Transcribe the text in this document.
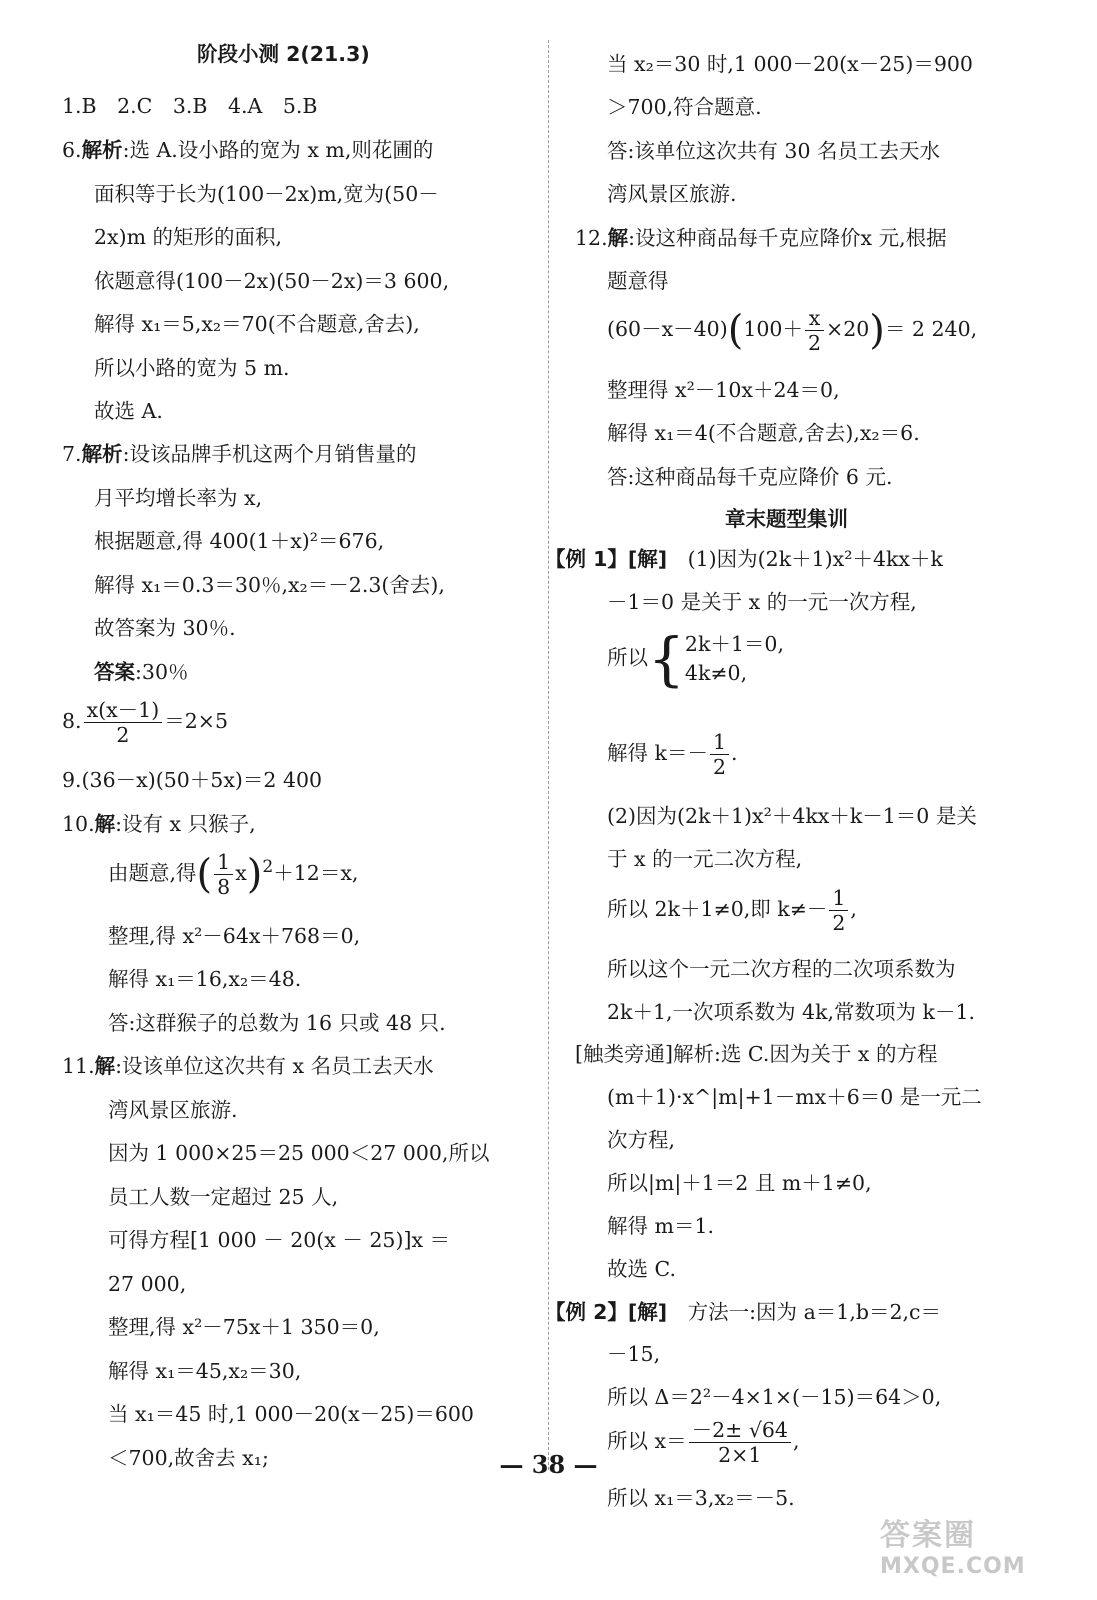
阶段小测 2(21.3)
1.B　2.C　3.B　4.A　5.B
6.解析:选 A.设小路的宽为 x m,则花圃的
面积等于长为(100－2x)m,宽为(50－
2x)m 的矩形的面积,
依题意得(100－2x)(50－2x)＝3 600,
解得 x₁＝5,x₂＝70(不合题意,舍去),
所以小路的宽为 5 m.
故选 A.
7.解析:设该品牌手机这两个月销售量的
月平均增长率为 x,
根据题意,得 400(1＋x)²＝676,
解得 x₁＝0.3＝30％,x₂＝－2.3(舍去),
故答案为 30％.
答案:30％
8. $\frac{x(x-1)}{2} =2\times 5$
9.(36－x)(50＋5x)＝2 400
10.解:设有 x 只猴子,
由题意,得( $\frac{1}{8} x)^2+12=x$,
整理,得 x²－64x＋768＝0,
解得 x₁＝16,x₂＝48.
答:这群猴子的总数为 16 只或 48 只.
11.解:设该单位这次共有 x 名员工去天水
湾风景区旅游.
因为 1 000×25＝25 000＜27 000,所以
员工人数一定超过 25 人,
可得方程[1 000 － 20(x － 25)]x ＝
27 000,
整理,得 x²－75x＋1 350＝0,
解得 x₁＝45,x₂＝30,
当 x₁＝45 时,1 000－20(x－25)＝600
＜700,故舍去 x₁;
当 x₂＝30 时,1 000－20(x－25)＝900
＞700,符合题意.
答:该单位这次共有 30 名员工去天水
湾风景区旅游.
12.解:设这种商品每千克应降价x 元,根据
题意得
$(60-x-40)(100+ \frac{x}{2} \times 20)= 2$ 240,
整理得 x²－10x＋24＝0,
解得 x₁＝4(不合题意,舍去),x₂＝6.
答:这种商品每千克应降价 6 元.
章末题型集训
【例 1】[解]　(1)因为(2k＋1)x²＋4kx＋k
－1＝0 是关于 x 的一元一次方程,
所以{ 2k＋1＝0,
4k≠0,
解得 $k=- \frac{1}{2}$ .
(2)因为(2k＋1)x²＋4kx＋k－1＝0 是关
于 x 的一元二次方程,
所以 2k＋1≠0,即 $k\ne- \frac{1}{2}$ ,
所以这个一元二次方程的二次项系数为
2k＋1,一次项系数为 4k,常数项为 k－1.
[触类旁通]解析:选 C.因为关于 x 的方程
(m＋1)·x^|m|+1－mx＋6＝0 是一元二
次方程,
所以|m|＋1＝2 且 m＋1≠0,
解得 m＝1.
故选 C.
【例 2】[解]　方法一:因为 a＝1,b＝2,c＝
－15,
所以 Δ＝2²－4×1×(－15)＝64＞0,
所以 $x= \frac{-2\pm √64}{2\times 1}$ ,
所以 x₁＝3,x₂＝－5.
— 38 —
答案圈
MXQE.COM
